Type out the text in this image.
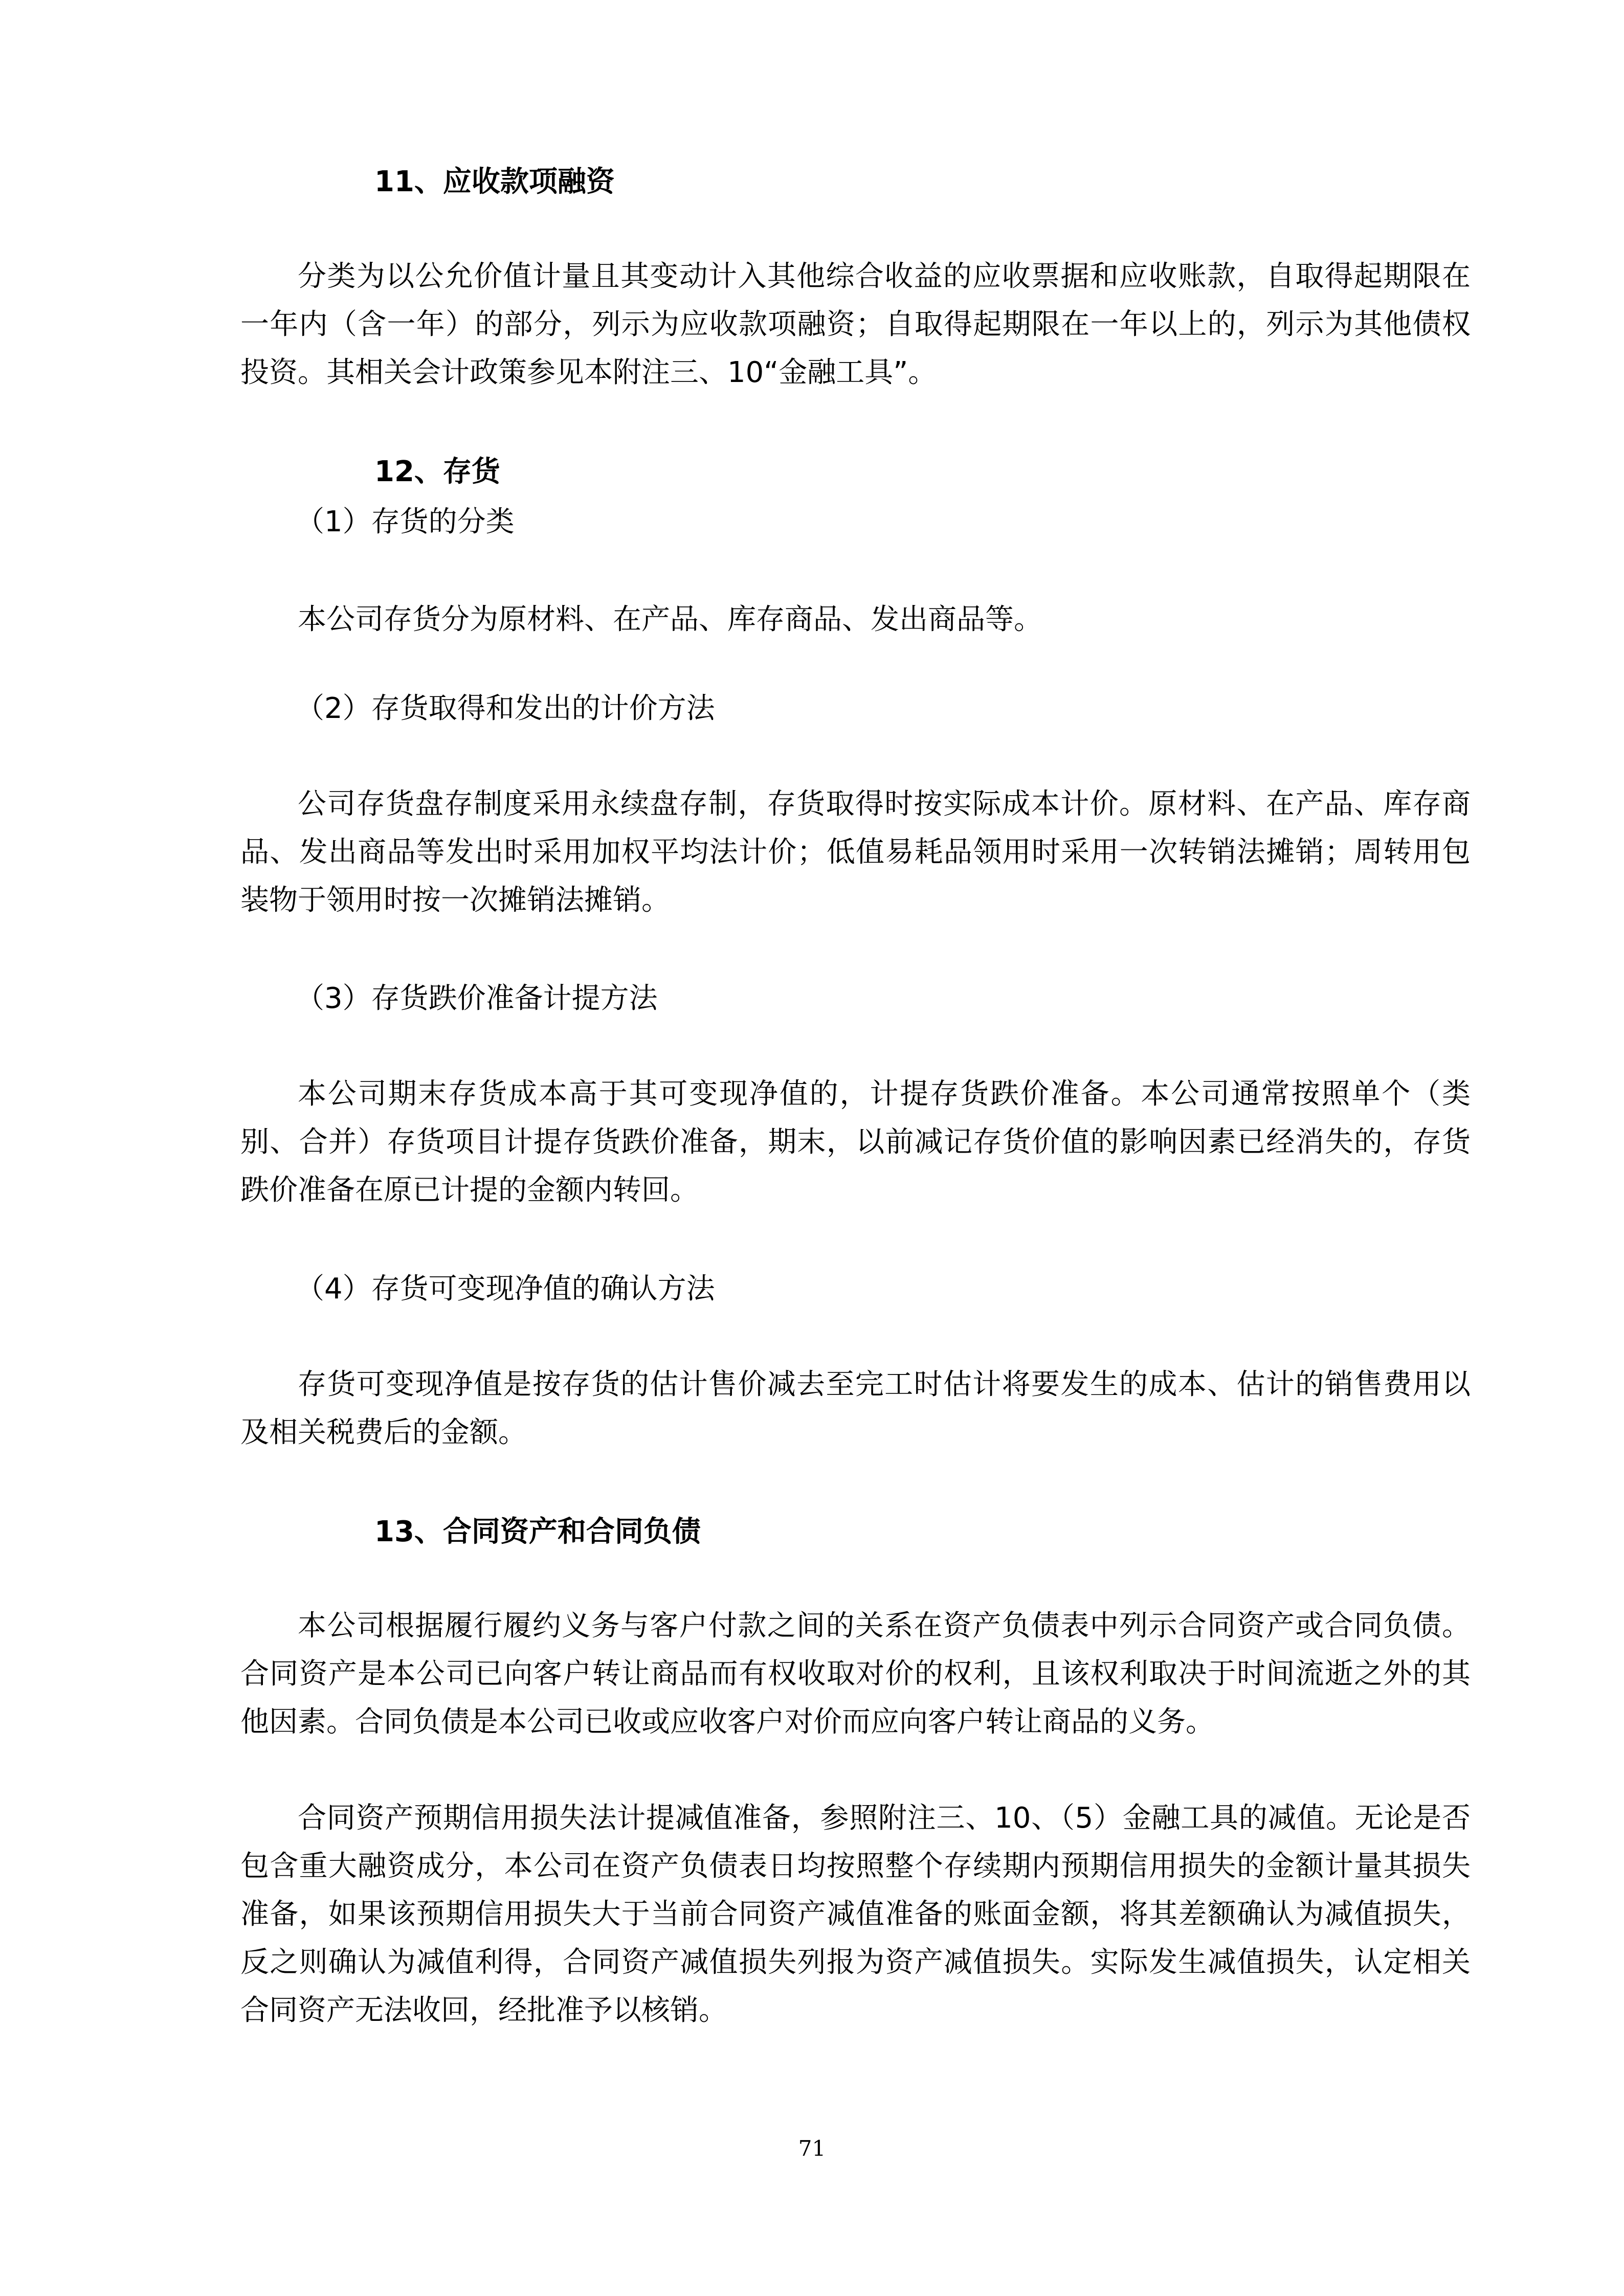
11、应收款项融资
分类为以公允价值计量且其变动计入其他综合收益的应收票据和应收账款，自取得起期限在一年内（含一年）的部分，列示为应收款项融资；自取得起期限在一年以上的，列示为其他债权投资。其相关会计政策参见本附注三、10“金融工具”。
12、存货
（1）存货的分类
本公司存货分为原材料、在产品、库存商品、发出商品等。
（2）存货取得和发出的计价方法
公司存货盘存制度采用永续盘存制，存货取得时按实际成本计价。原材料、在产品、库存商品、发出商品等发出时采用加权平均法计价；低值易耗品领用时采用一次转销法摊销；周转用包装物于领用时按一次摊销法摊销。
（3）存货跌价准备计提方法
本公司期末存货成本高于其可变现净值的，计提存货跌价准备。本公司通常按照单个（类别、合并）存货项目计提存货跌价准备，期末，以前减记存货价值的影响因素已经消失的，存货跌价准备在原已计提的金额内转回。
（4）存货可变现净值的确认方法
存货可变现净值是按存货的估计售价减去至完工时估计将要发生的成本、估计的销售费用以及相关税费后的金额。
13、合同资产和合同负债
本公司根据履行履约义务与客户付款之间的关系在资产负债表中列示合同资产或合同负债。合同资产是本公司已向客户转让商品而有权收取对价的权利，且该权利取决于时间流逝之外的其他因素。合同负债是本公司已收或应收客户对价而应向客户转让商品的义务。
合同资产预期信用损失法计提减值准备，参照附注三、10、（5）金融工具的减值。无论是否包含重大融资成分，本公司在资产负债表日均按照整个存续期内预期信用损失的金额计量其损失准备，如果该预期信用损失大于当前合同资产减值准备的账面金额，将其差额确认为减值损失，反之则确认为减值利得，合同资产减值损失列报为资产减值损失。实际发生减值损失，认定相关合同资产无法收回，经批准予以核销。
71
